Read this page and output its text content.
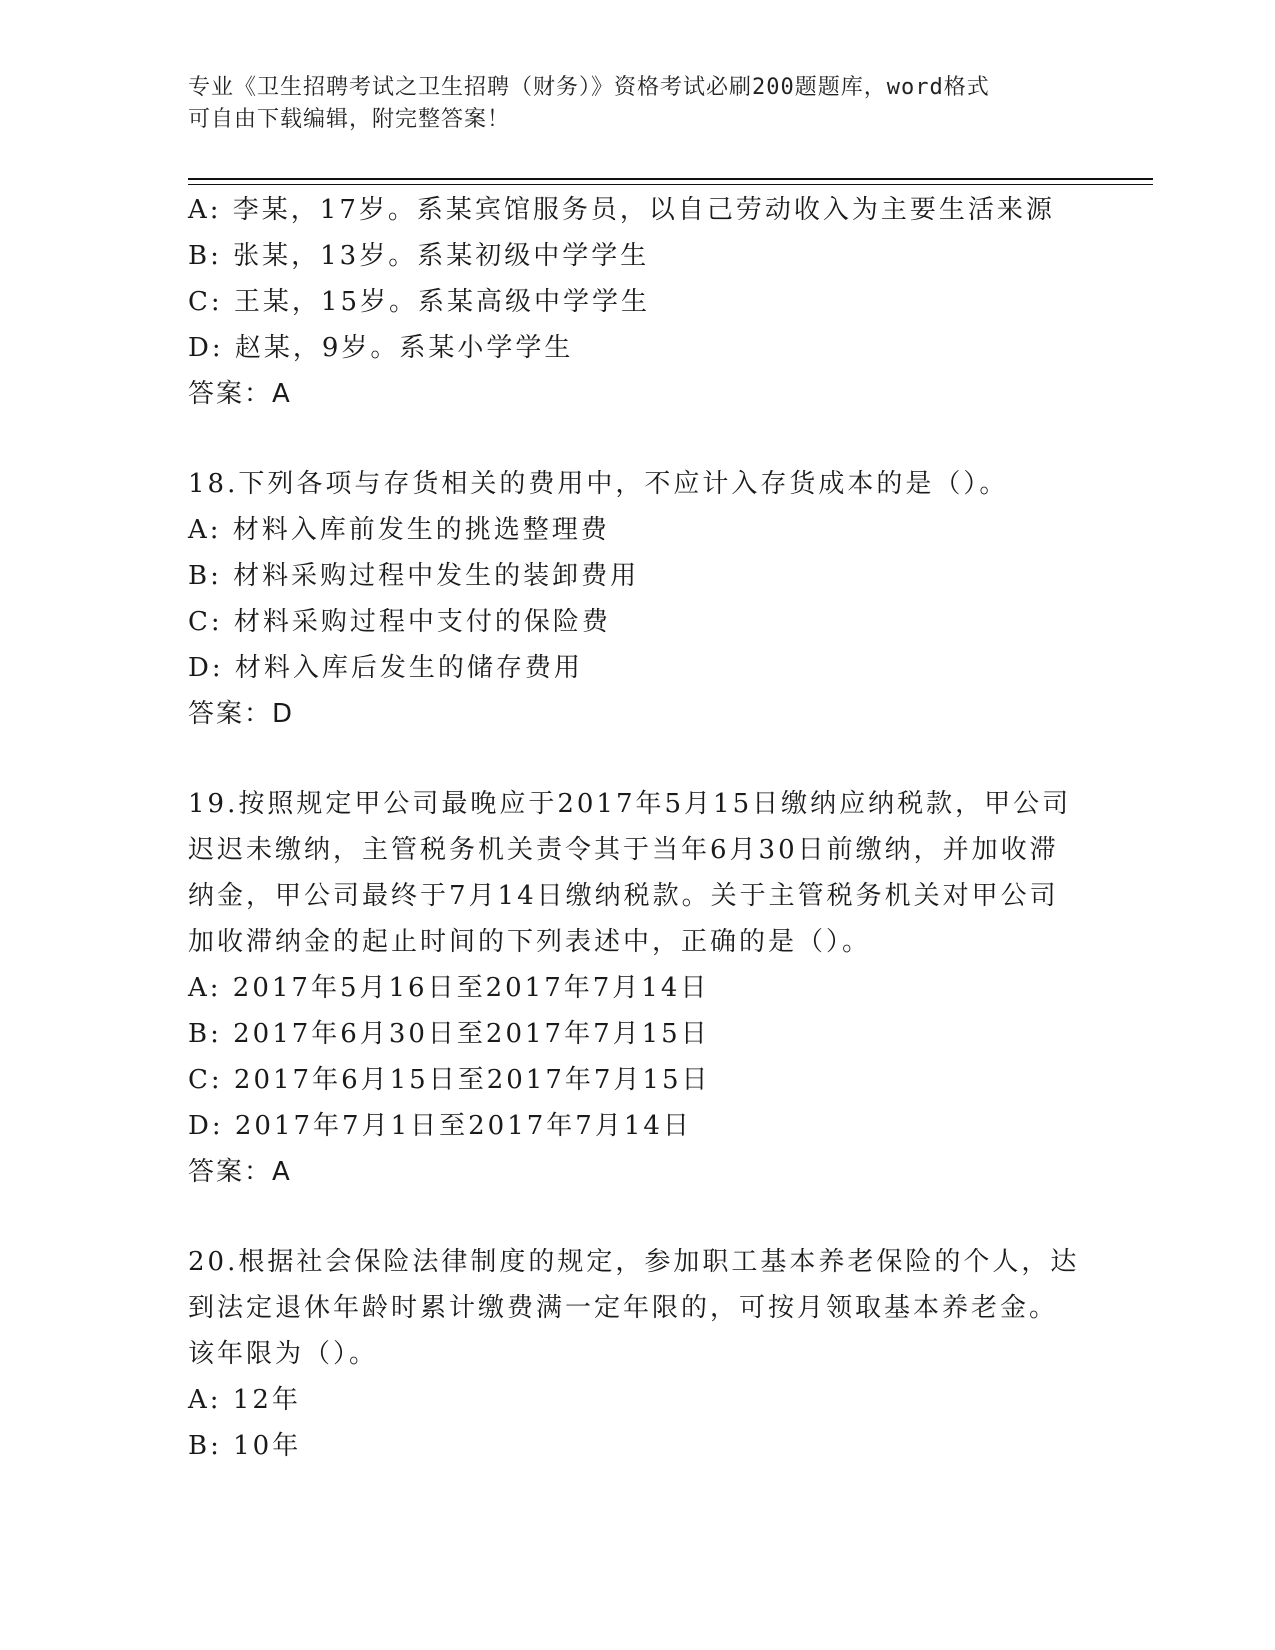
专业《卫生招聘考试之卫生招聘（财务）》资格考试必刷200题题库，word格式
可自由下载编辑，附完整答案！
A: 李某，17岁。系某宾馆服务员，以自己劳动收入为主要生活来源
B: 张某，13岁。系某初级中学学生
C: 王某，15岁。系某高级中学学生
D: 赵某，9岁。系某小学学生
答案：A
18.下列各项与存货相关的费用中，不应计入存货成本的是（）。
A: 材料入库前发生的挑选整理费
B: 材料采购过程中发生的装卸费用
C: 材料采购过程中支付的保险费
D: 材料入库后发生的储存费用
答案：D
19.按照规定甲公司最晚应于2017年5月15日缴纳应纳税款，甲公司
迟迟未缴纳，主管税务机关责令其于当年6月30日前缴纳，并加收滞
纳金，甲公司最终于7月14日缴纳税款。关于主管税务机关对甲公司
加收滞纳金的起止时间的下列表述中，正确的是（）。
A: 2017年5月16日至2017年7月14日
B: 2017年6月30日至2017年7月15日
C: 2017年6月15日至2017年7月15日
D: 2017年7月1日至2017年7月14日
答案：A
20.根据社会保险法律制度的规定，参加职工基本养老保险的个人，达
到法定退休年龄时累计缴费满一定年限的，可按月领取基本养老金。
该年限为（）。
A: 12年
B: 10年
